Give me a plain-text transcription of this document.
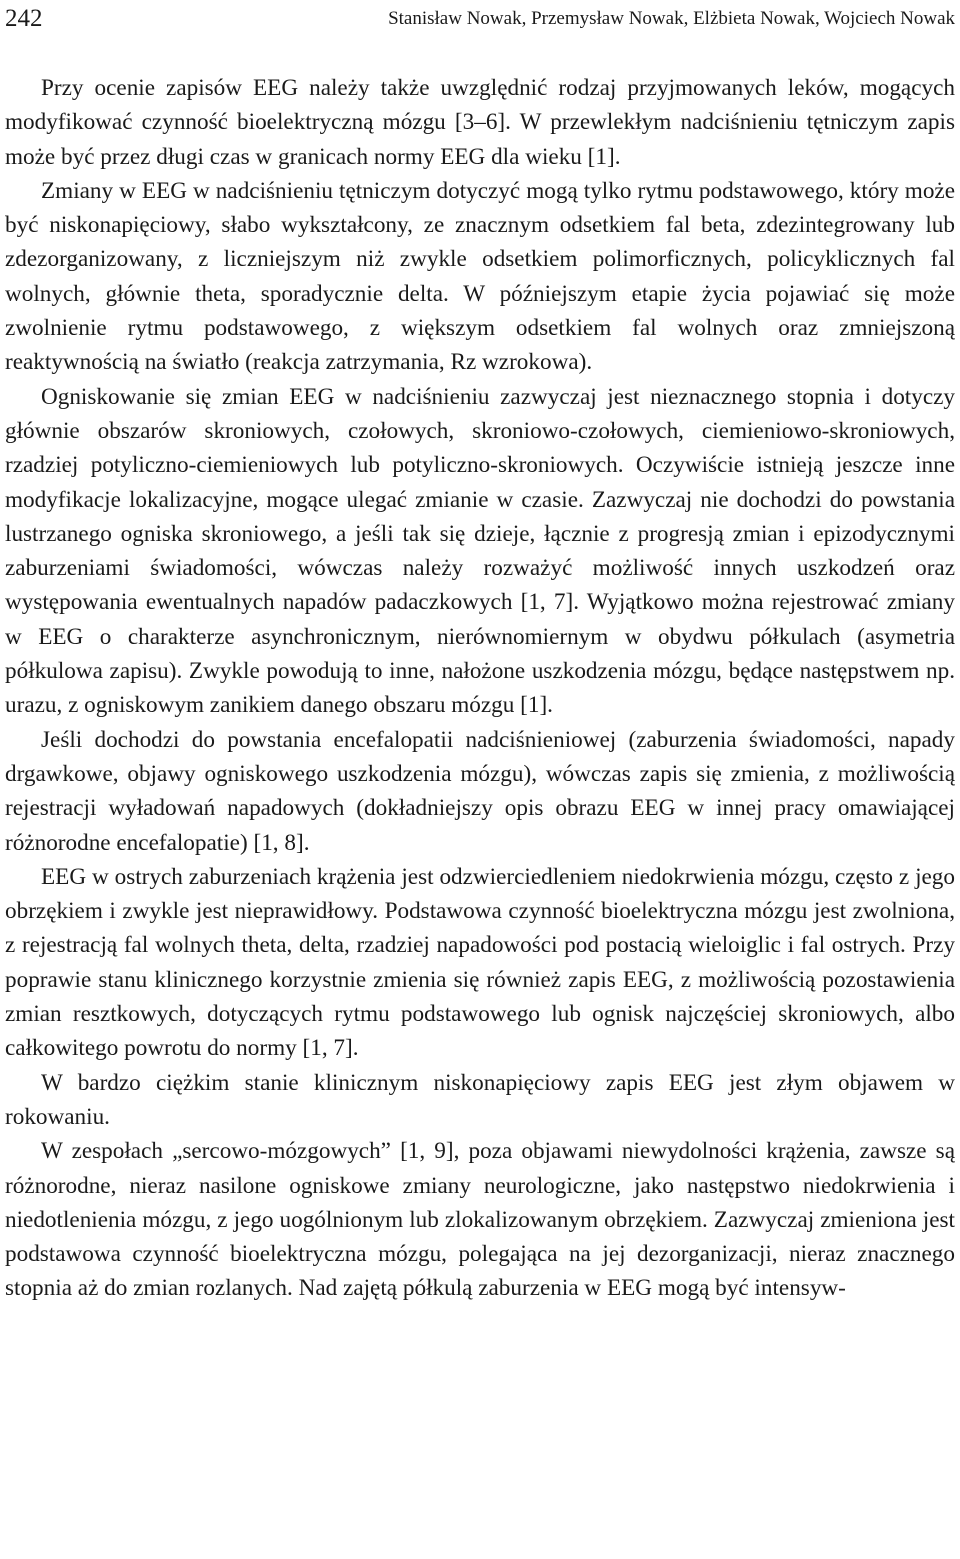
242	Stanisław Nowak, Przemysław Nowak, Elżbieta Nowak, Wojciech Nowak

Przy ocenie zapisów EEG należy także uwzględnić rodzaj przyjmowanych leków, mogących modyfikować czynność bioelektryczną mózgu [3–6]. W przewlekłym nadciśnieniu tętniczym zapis może być przez długi czas w granicach normy EEG dla wieku [1].

Zmiany w EEG w nadciśnieniu tętniczym dotyczyć mogą tylko rytmu podstawowego, który może być niskonapięciowy, słabo wykształcony, ze znacznym odsetkiem fal beta, zdezintegrowany lub zdezorganizowany, z liczniejszym niż zwykle odsetkiem polimorficznych, policyklicznych fal wolnych, głównie theta, sporadycznie delta. W późniejszym etapie życia pojawiać się może zwolnienie rytmu podstawowego, z większym odsetkiem fal wolnych oraz zmniejszoną reaktywnością na światło (reakcja zatrzymania, Rz wzrokowa).

Ogniskowanie się zmian EEG w nadciśnieniu zazwyczaj jest nieznacznego stopnia i dotyczy głównie obszarów skroniowych, czołowych, skroniowo-czołowych, ciemieniowo-skroniowych, rzadziej potyliczno-ciemieniowych lub potyliczno-skroniowych. Oczywiście istnieją jeszcze inne modyfikacje lokalizacyjne, mogące ulegać zmianie w czasie. Zazwyczaj nie dochodzi do powstania lustrzanego ogniska skroniowego, a jeśli tak się dzieje, łącznie z progresją zmian i epizodycznymi zaburzeniami świadomości, wówczas należy rozważyć możliwość innych uszkodzeń oraz występowania ewentualnych napadów padaczkowych [1, 7]. Wyjątkowo można rejestrować zmiany w EEG o charakterze asynchronicznym, nierównomiernym w obydwu półkulach (asymetria półkulowa zapisu). Zwykle powodują to inne, nałożone uszkodzenia mózgu, będące następstwem np. urazu, z ogniskowym zanikiem danego obszaru mózgu [1].

Jeśli dochodzi do powstania encefalopatii nadciśnieniowej (zaburzenia świadomości, napady drgawkowe, objawy ogniskowego uszkodzenia mózgu), wówczas zapis się zmienia, z możliwością rejestracji wyładowań napadowych (dokładniejszy opis obrazu EEG w innej pracy omawiającej różnorodne encefalopatie) [1, 8].

EEG w ostrych zaburzeniach krążenia jest odzwierciedleniem niedokrwienia mózgu, często z jego obrzękiem i zwykle jest nieprawidłowy. Podstawowa czynność bioelektryczna mózgu jest zwolniona, z rejestracją fal wolnych theta, delta, rzadziej napadowości pod postacią wieloiglic i fal ostrych. Przy poprawie stanu klinicznego korzystnie zmienia się również zapis EEG, z możliwością pozostawienia zmian resztkowych, dotyczących rytmu podstawowego lub ognisk najczęściej skroniowych, albo całkowitego powrotu do normy [1, 7].

W bardzo ciężkim stanie klinicznym niskonapięciowy zapis EEG jest złym objawem w rokowaniu.

W zespołach „sercowo-mózgowych” [1, 9], poza objawami niewydolności krążenia, zawsze są różnorodne, nieraz nasilone ogniskowe zmiany neurologiczne, jako następstwo niedokrwienia i niedotlenienia mózgu, z jego uogólnionym lub zlokalizowanym obrzękiem. Zazwyczaj zmieniona jest podstawowa czynność bioelektryczna mózgu, polegająca na jej dezorganizacji, nieraz znacznego stopnia aż do zmian rozlanych. Nad zajętą półkulą zaburzenia w EEG mogą być intensyw-
